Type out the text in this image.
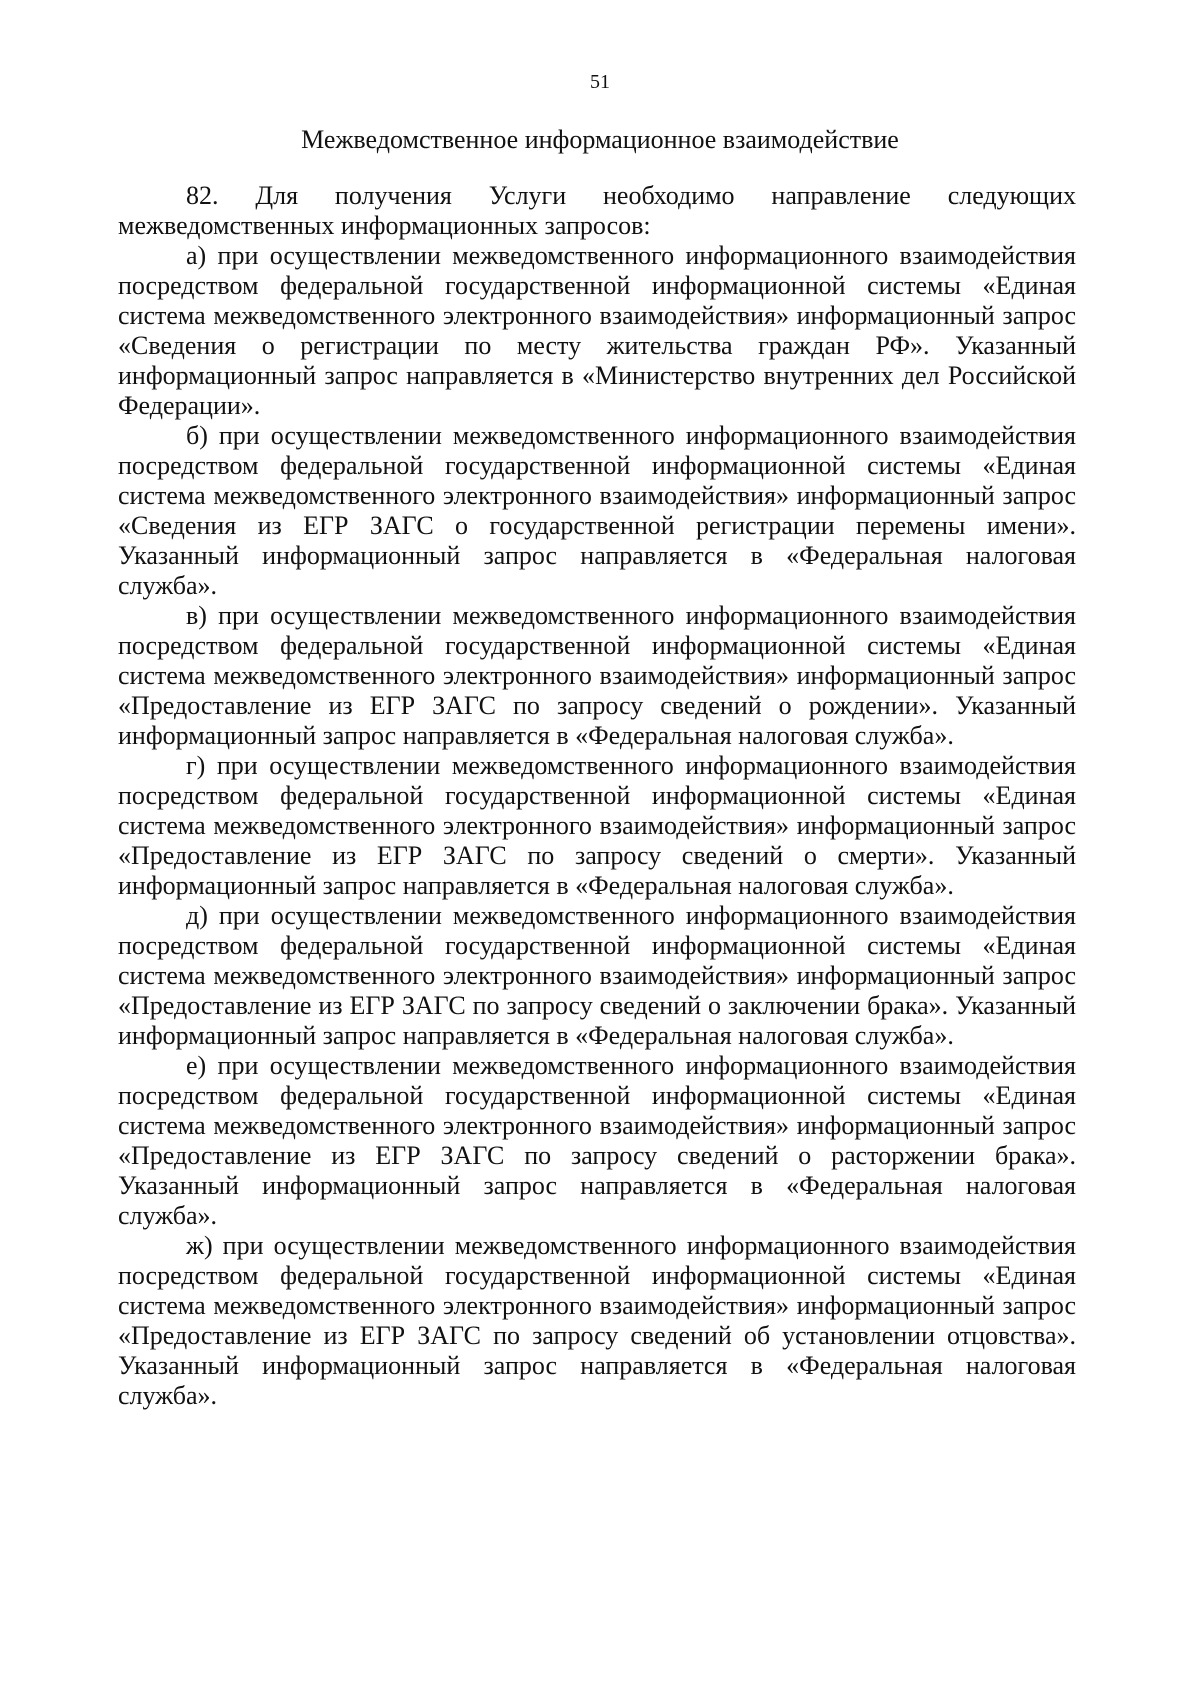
51
Межведомственное информационное взаимодействие

82. Для получения Услуги необходимо направление следующих межведомственных информационных запросов:

а) при осуществлении межведомственного информационного взаимодействия посредством федеральной государственной информационной системы «Единая система межведомственного электронного взаимодействия» информационный запрос «Сведения о регистрации по месту жительства граждан РФ». Указанный информационный запрос направляется в «Министерство внутренних дел Российской Федерации».

б) при осуществлении межведомственного информационного взаимодействия посредством федеральной государственной информационной системы «Единая система межведомственного электронного взаимодействия» информационный запрос «Сведения из ЕГР ЗАГС о государственной регистрации перемены имени». Указанный информационный запрос направляется в «Федеральная налоговая служба».

в) при осуществлении межведомственного информационного взаимодействия посредством федеральной государственной информационной системы «Единая система межведомственного электронного взаимодействия» информационный запрос «Предоставление из ЕГР ЗАГС по запросу сведений о рождении». Указанный информационный запрос направляется в «Федеральная налоговая служба».

г) при осуществлении межведомственного информационного взаимодействия посредством федеральной государственной информационной системы «Единая система межведомственного электронного взаимодействия» информационный запрос «Предоставление из ЕГР ЗАГС по запросу сведений о смерти». Указанный информационный запрос направляется в «Федеральная налоговая служба».

д) при осуществлении межведомственного информационного взаимодействия посредством федеральной государственной информационной системы «Единая система межведомственного электронного взаимодействия» информационный запрос «Предоставление из ЕГР ЗАГС по запросу сведений о заключении брака». Указанный информационный запрос направляется в «Федеральная налоговая служба».

е) при осуществлении межведомственного информационного взаимодействия посредством федеральной государственной информационной системы «Единая система межведомственного электронного взаимодействия» информационный запрос «Предоставление из ЕГР ЗАГС по запросу сведений о расторжении брака». Указанный информационный запрос направляется в «Федеральная налоговая служба».

ж) при осуществлении межведомственного информационного взаимодействия посредством федеральной государственной информационной системы «Единая система межведомственного электронного взаимодействия» информационный запрос «Предоставление из ЕГР ЗАГС по запросу сведений об установлении отцовства». Указанный информационный запрос направляется в «Федеральная налоговая служба».
